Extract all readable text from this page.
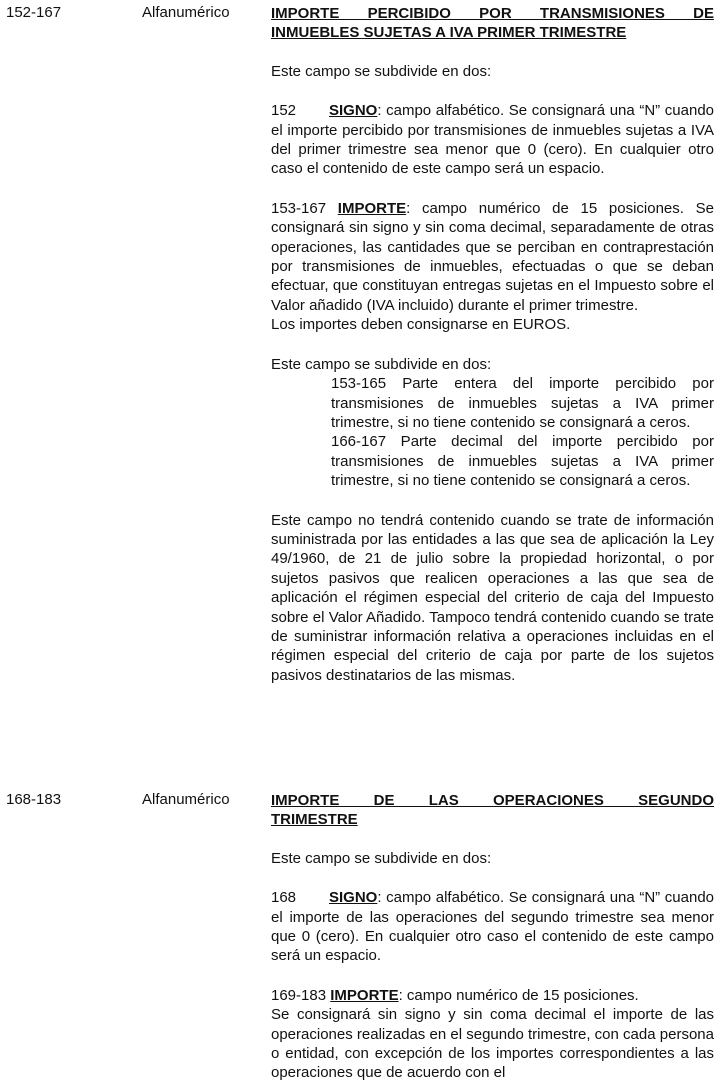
152-167	Alfanumérico	IMPORTE PERCIBIDO POR TRANSMISIONES DE
INMUEBLES SUJETAS A IVA PRIMER TRIMESTRE

Este campo se subdivide en dos:

152 SIGNO: campo alfabético. Se consignará una “N” cuando el importe percibido por transmisiones de inmuebles sujetas a IVA del primer trimestre sea menor que 0 (cero). En cualquier otro caso el contenido de este campo será un espacio.

153-167 IMPORTE: campo numérico de 15 posiciones. Se consignará sin signo y sin coma decimal, separadamente de otras operaciones, las cantidades que se perciban en contraprestación por transmisiones de inmuebles, efectuadas o que se deban efectuar, que constituyan entregas sujetas en el Impuesto sobre el Valor añadido (IVA incluido) durante el primer trimestre.

Los importes deben consignarse en EUROS.

Este campo se subdivide en dos:

153-165 Parte entera del importe percibido por transmisiones de inmuebles sujetas a IVA primer trimestre, si no tiene contenido se consignará a ceros.

166-167 Parte decimal del importe percibido por transmisiones de inmuebles sujetas a IVA primer trimestre, si no tiene contenido se consignará a ceros.

Este campo no tendrá contenido cuando se trate de información suministrada por las entidades a las que sea de aplicación la Ley 49/1960, de 21 de julio sobre la propiedad horizontal, o por sujetos pasivos que realicen operaciones a las que sea de aplicación el régimen especial del criterio de caja del Impuesto sobre el Valor Añadido. Tampoco tendrá contenido cuando se trate de suministrar información relativa a operaciones incluidas en el régimen especial del criterio de caja por parte de los sujetos pasivos destinatarios de las mismas.

168-183	Alfanumérico	IMPORTE DE LAS OPERACIONES SEGUNDO
TRIMESTRE

Este campo se subdivide en dos:

168 SIGNO: campo alfabético. Se consignará una “N” cuando el importe de las operaciones del segundo trimestre sea menor que 0 (cero). En cualquier otro caso el contenido de este campo será un espacio.

169-183 IMPORTE: campo numérico de 15 posiciones.

Se consignará sin signo y sin coma decimal el importe de las operaciones realizadas en el segundo trimestre, con cada persona o entidad, con excepción de los importes correspondientes a las operaciones que de acuerdo con el
